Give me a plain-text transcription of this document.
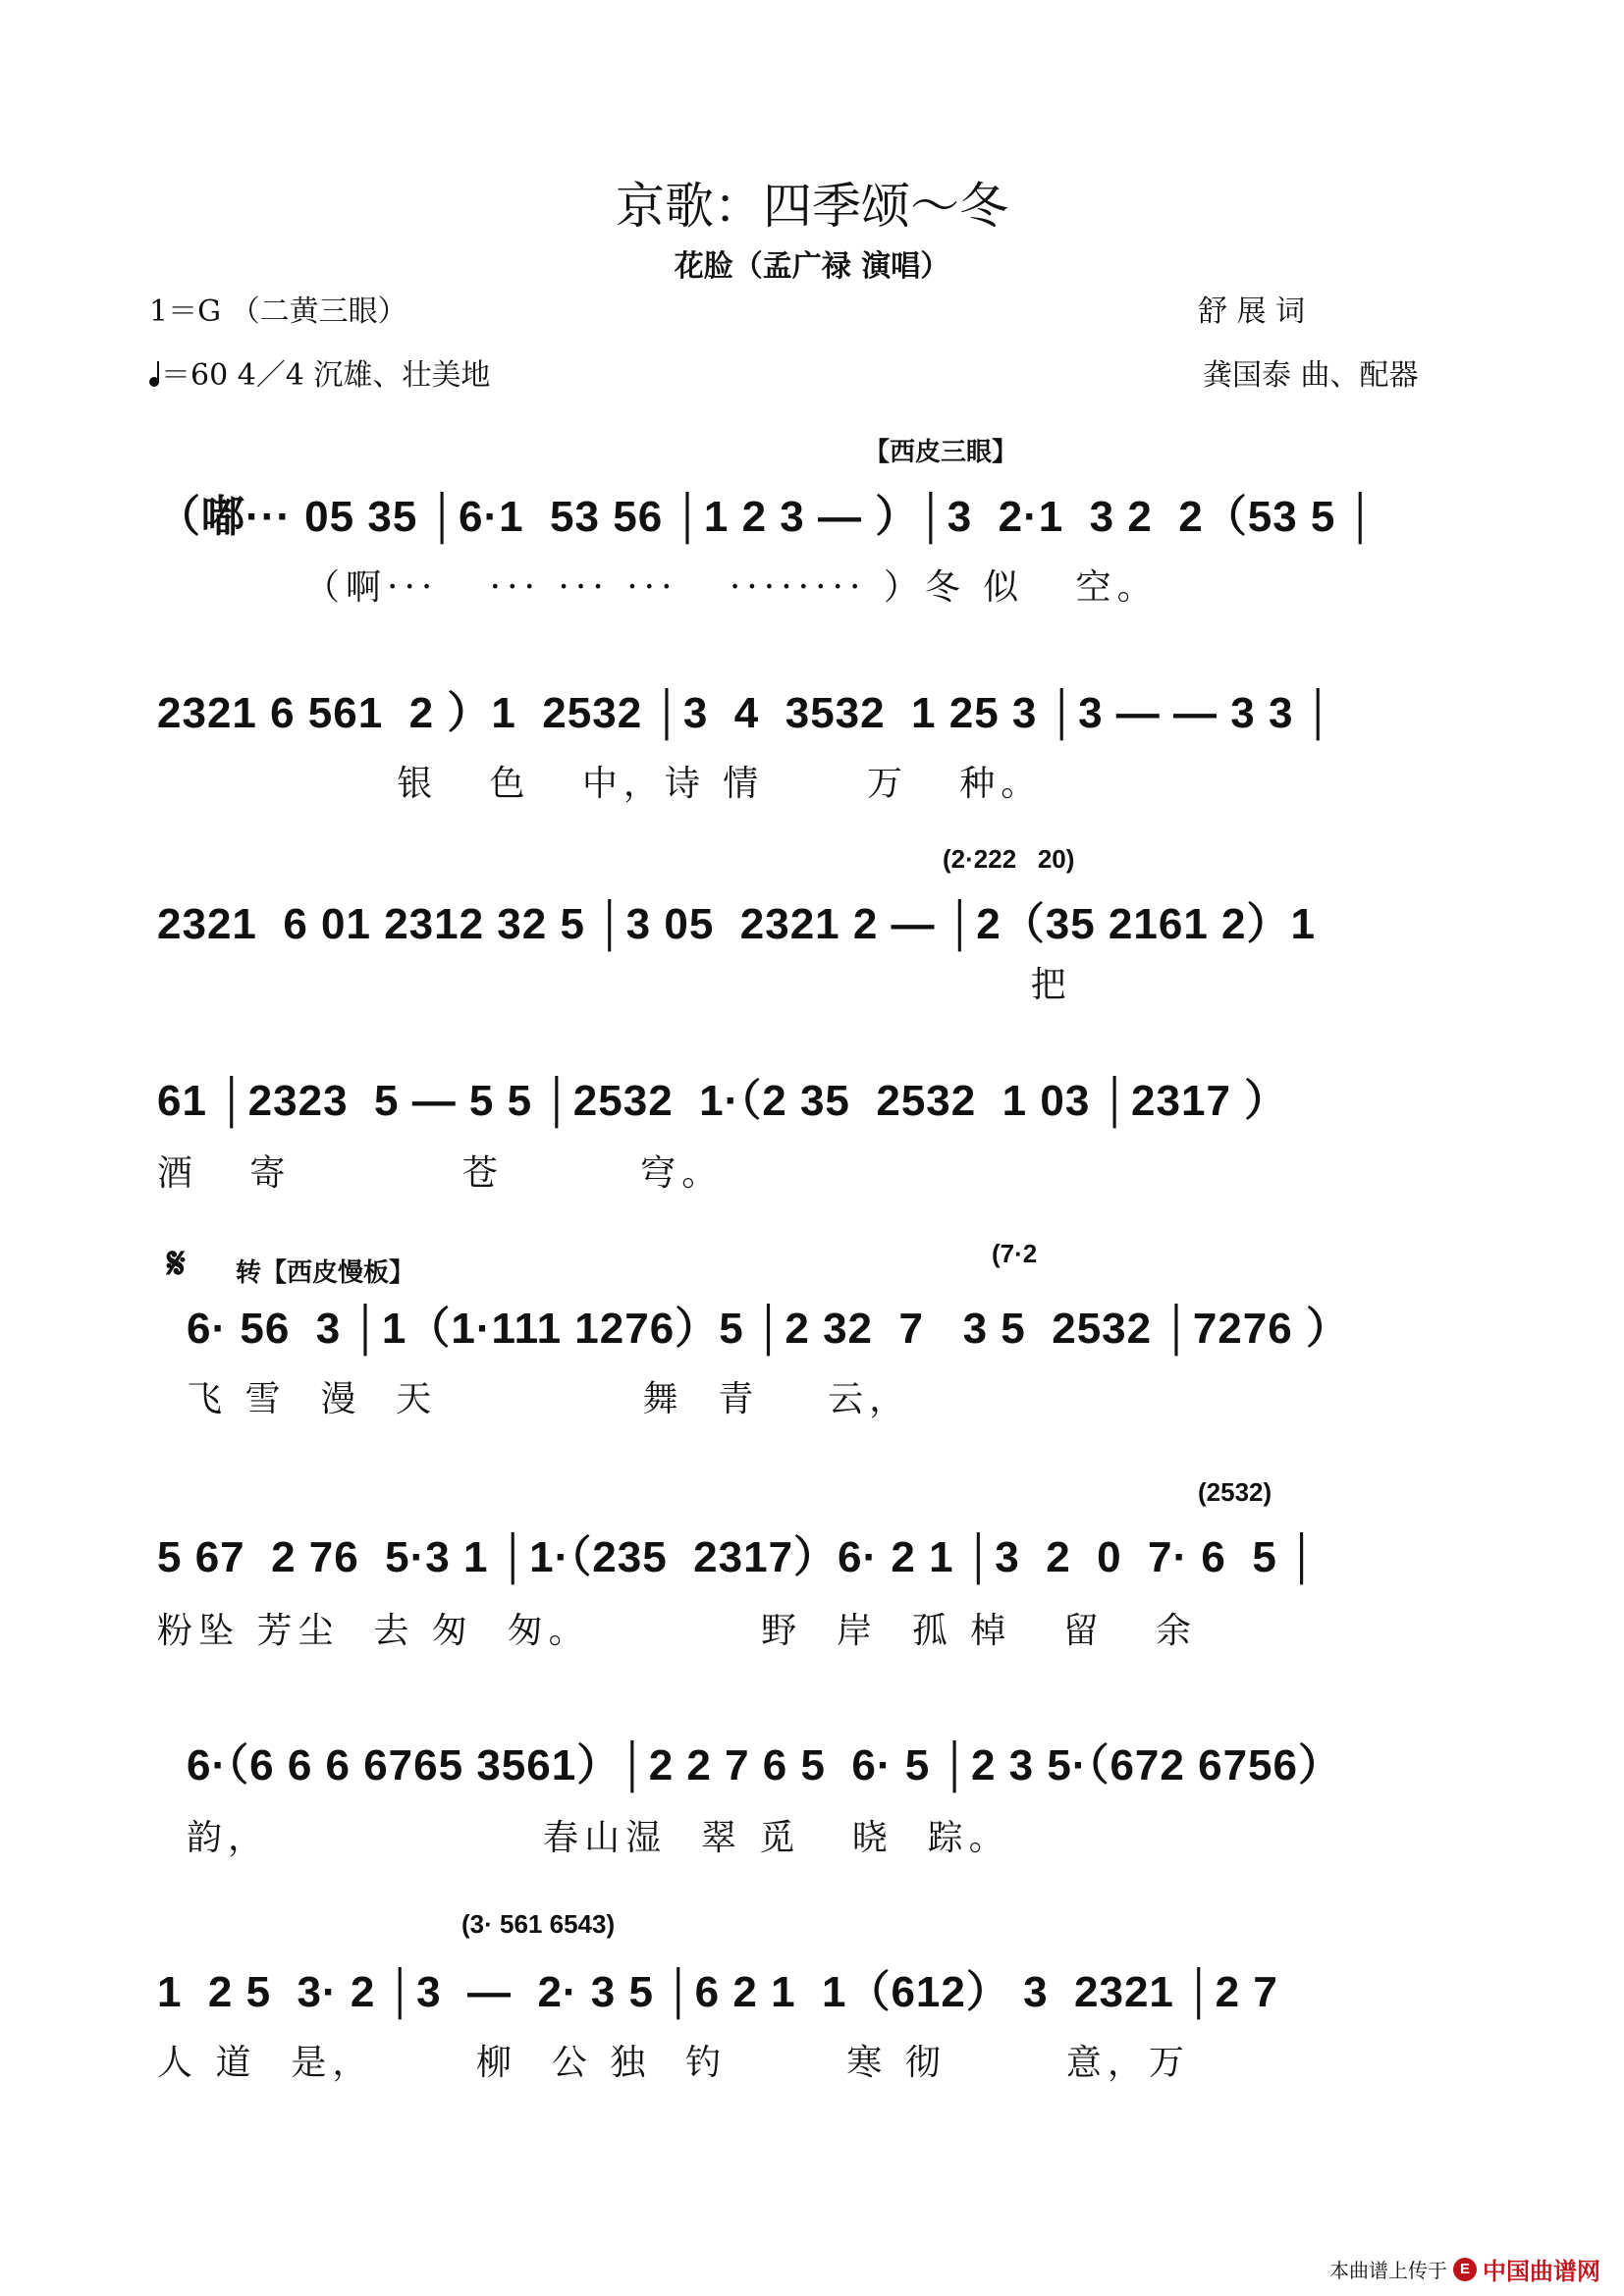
京歌：四季颂～冬
花脸（孟广禄 演唱）
1＝G （二黄三眼）
＝60 4／4 沉雄、壮美地
舒 展 词
龚国泰 曲、配器
【西皮三眼】
（嘟··· 05 35 │6·1  53 56 │1 2 3 — ）│3  2·1  3 2  2（53 5 │
（啊···   ··· ··· ···   ········ ）冬 似   空。
2321 6 561  2 ）1  2532 │3  4  3532  1 25 3 │3 — — 3 3 │
银   色   中，诗 情      万   种。
(2·222   20)
2321  6 01 2312 32 5 │3 05  2321 2 — │2（35 2161 2）1
把
61 │2323  5 — 5 5 │2532  1·（2 35  2532  1 03 │2317 ）
酒   寄          苍        穹。
𝄋 转【西皮慢板】
(7·2
6· 56  3 │1（1·111 1276）5 │2 32  7   3 5  2532 │7276 ）
飞 雪  漫  天            舞  青    云，
(2532)
5 67  2 76  5·3 1 │1·（235  2317）6· 2 1 │3  2  0  7· 6  5 │
粉坠 芳尘  去 匆  匆。          野  岸  孤 棹   留   余
6·（6 6 6 6765 3561）│2 2 7 6 5  6· 5 │2 3 5·（672 6756）
韵，                春山湿  翠 觅   晓  踪。
(3· 561 6543)
1  2 5  3· 2 │3  —  2· 3 5 │6 2 1  1（612） 3  2321 │2 7
人 道  是，      柳  公 独  钓       寒 彻       意，万
本曲谱上传于 E 中国曲谱网
